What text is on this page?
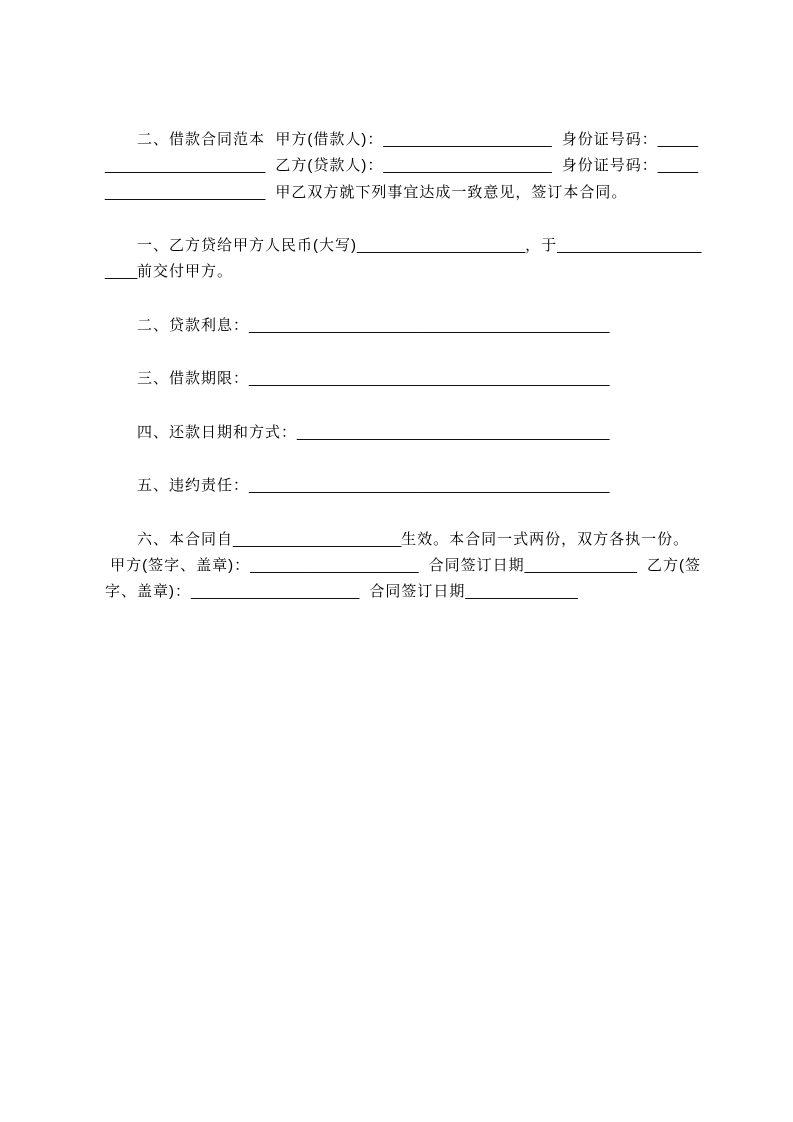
二、借款合同范本 甲方(借款人)： _____________________ 身份证号码： _____
____________________ 乙方(贷款人)： _____________________ 身份证号码： _____
____________________ 甲乙双方就下列事宜达成一致意见，签订本合同。
一、乙方贷给甲方人民币(大写) _____________________ ，于 __________________
____ 前交付甲方。
二、贷款利息： _____________________________________________
三、借款期限： _____________________________________________
四、还款日期和方式： _______________________________________
五、违约责任： _____________________________________________
六、本合同自 _____________________ 生效。本合同一式两份，双方各执一份。
甲方(签字、盖章)： _____________________ 合同签订日期 ______________ 乙方(签
字、盖章)： _____________________ 合同签订日期 ______________
